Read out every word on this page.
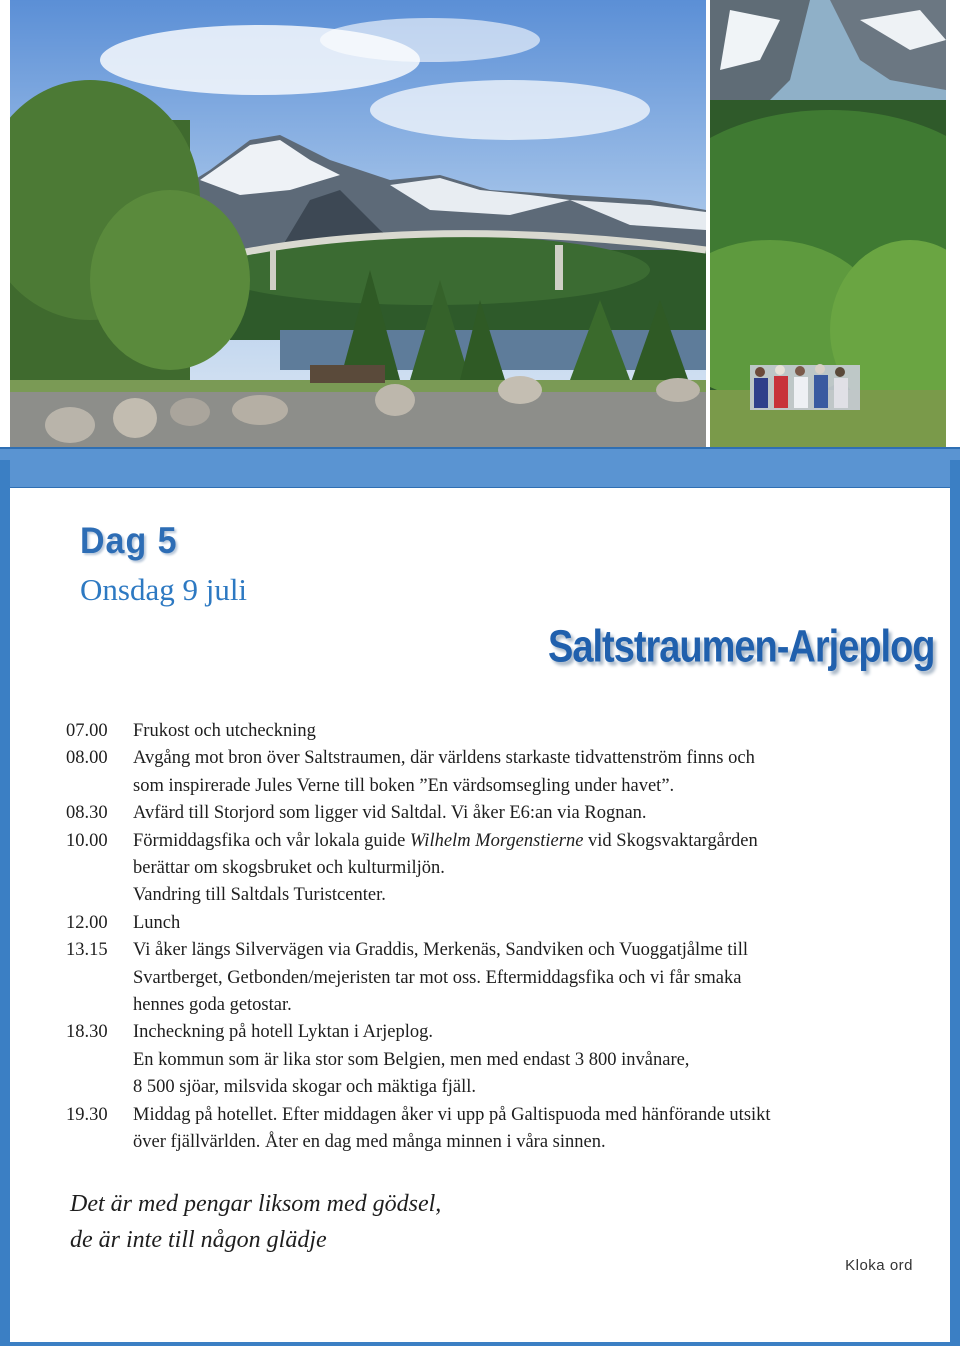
Dag 5
Onsdag 9 juli
Saltstraumen-Arjeplog
07.00	Frukost och utcheckning
08.00	Avgång mot bron över Saltstraumen, där världens starkaste tidvattenström finns och
som inspirerade Jules Verne till boken ”En värdsomsegling under havet”.
08.30	Avfärd till Storjord som ligger vid Saltdal. Vi åker E6:an via Rognan.
10.00	Förmiddagsfika och vår lokala guide Wilhelm Morgenstierne vid Skogsvaktargården
berättar om skogsbruket och kulturmiljön.
Vandring till Saltdals Turistcenter.
12.00	Lunch
13.15	Vi åker längs Silvervägen via Graddis, Merkenäs, Sandviken och Vuoggatjålme till
Svartberget, Getbonden/mejeristen tar mot oss. Eftermiddagsfika och vi får smaka
hennes goda getostar.
18.30	Incheckning på hotell Lyktan i Arjeplog.
En kommun som är lika stor som Belgien, men med endast 3 800 invånare,
8 500 sjöar, milsvida skogar och mäktiga fjäll.
19.30	Middag på hotellet. Efter middagen åker vi upp på Galtispuoda med hänförande utsikt
över fjällvärlden. Åter en dag med många minnen i våra sinnen.
Det är med pengar liksom med gödsel,
de är inte till någon glädje
Kloka ord
